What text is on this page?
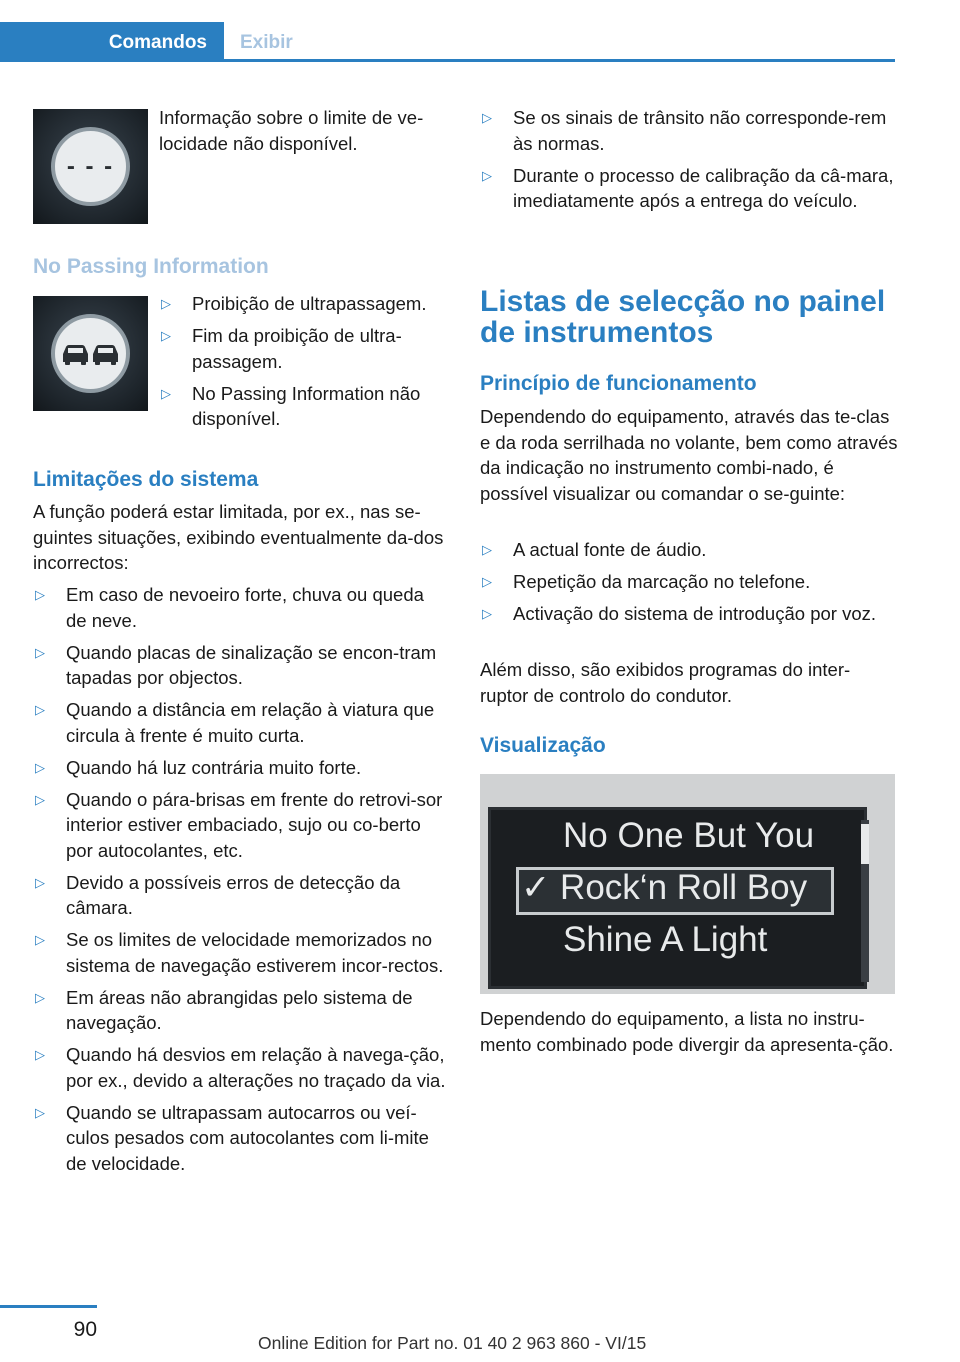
Comandos	Exibir
- - -

Informação sobre o limite de ve-locidade não disponível.

No Passing Information
▷ Proibição de ultrapassagem.
▷ Fim da proibição de ultra-passagem.
▷ No Passing Information não disponível.
Limitações do sistema

A função poderá estar limitada, por ex., nas se-guintes situações, exibindo eventualmente da-dos incorrectos:

▷ Em caso de nevoeiro forte, chuva ou queda de neve.
▷ Quando placas de sinalização se encon-tram tapadas por objectos.
▷ Quando a distância em relação à viatura que circula à frente é muito curta.
▷ Quando há luz contrária muito forte.
▷ Quando o pára-brisas em frente do retrovi-sor interior estiver embaciado, sujo ou co-berto por autocolantes, etc.
▷ Devido a possíveis erros de detecção da câmara.
▷ Se os limites de velocidade memorizados no sistema de navegação estiverem incor-rectos.
▷ Em áreas não abrangidas pelo sistema de navegação.
▷ Quando há desvios em relação à navega-ção, por ex., devido a alterações no traçado da via.
▷ Quando se ultrapassam autocarros ou veí-culos pesados com autocolantes com li-mite de velocidade.
▷ Se os sinais de trânsito não corresponde-rem às normas.
▷ Durante o processo de calibração da câ-mara, imediatamente após a entrega do veículo.
Listas de selecção no painel
de instrumentos
Princípio de funcionamento

Dependendo do equipamento, através das te-clas e da roda serrilhada no volante, bem como através da indicação no instrumento combi-nado, é possível visualizar ou comandar o se-guinte:

▷ A actual fonte de áudio.
▷ Repetição da marcação no telefone.
▷ Activação do sistema de introdução por voz.

Além disso, são exibidos programas do inter-ruptor de controlo do condutor.

Visualização
No One But You
✓ Rock‘n Roll Boy
Shine A Light

Dependendo do equipamento, a lista no instru-mento combinado pode divergir da apresenta-ção.

90
Online Edition for Part no. 01 40 2 963 860 - VI/15
